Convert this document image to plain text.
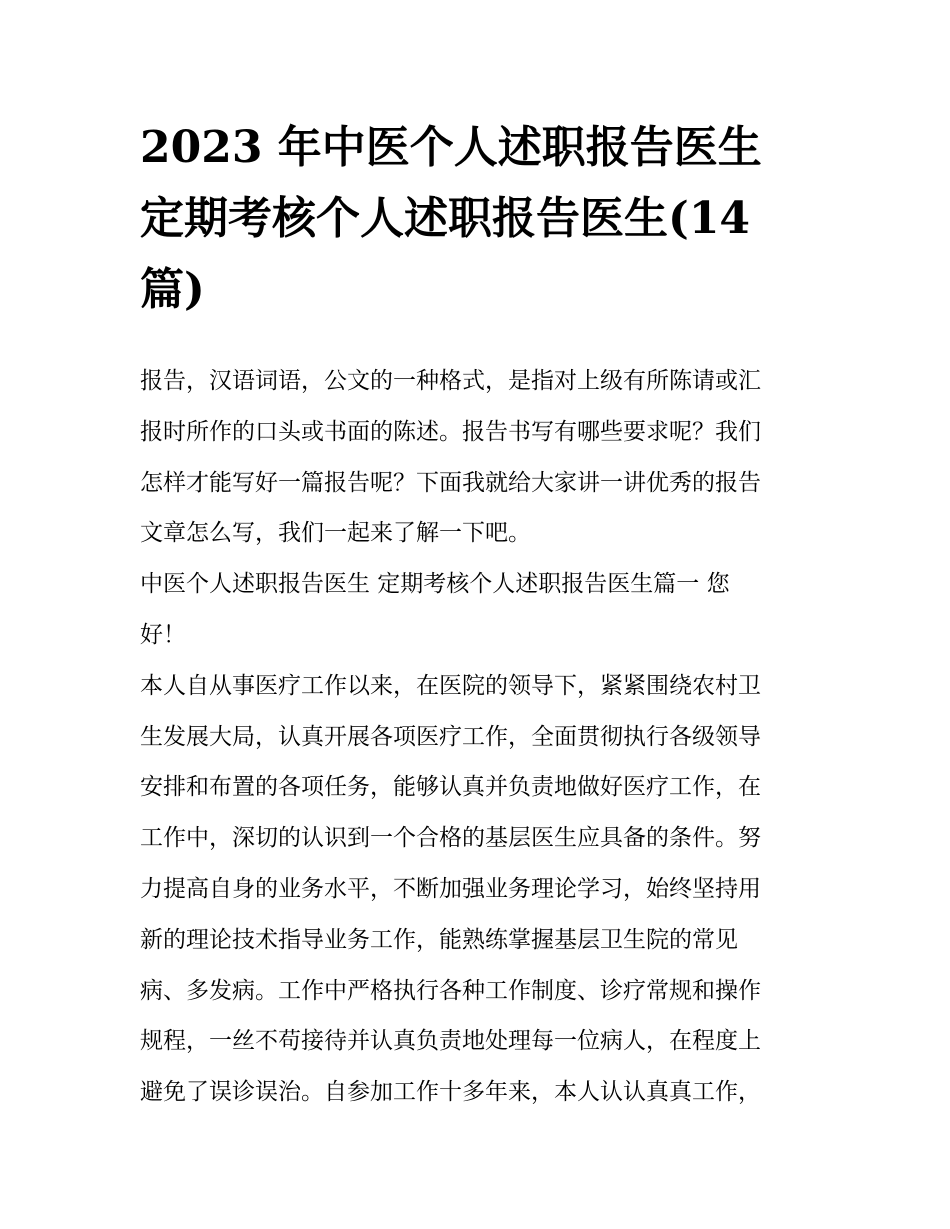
2023 年中医个人述职报告医生
定期考核个人述职报告医生(14
篇)
报告，汉语词语，公文的一种格式，是指对上级有所陈请或汇
报时所作的口头或书面的陈述。报告书写有哪些要求呢？我们
怎样才能写好一篇报告呢？下面我就给大家讲一讲优秀的报告
文章怎么写，我们一起来了解一下吧。
中医个人述职报告医生 定期考核个人述职报告医生篇一 您
好！
本人自从事医疗工作以来，在医院的领导下，紧紧围绕农村卫
生发展大局，认真开展各项医疗工作，全面贯彻执行各级领导
安排和布置的各项任务，能够认真并负责地做好医疗工作，在
工作中，深切的认识到一个合格的基层医生应具备的条件。努
力提高自身的业务水平，不断加强业务理论学习，始终坚持用
新的理论技术指导业务工作，能熟练掌握基层卫生院的常见
病、多发病。工作中严格执行各种工作制度、诊疗常规和操作
规程，一丝不苟接待并认真负责地处理每一位病人，在程度上
避免了误诊误治。自参加工作十多年来，本人认认真真工作，
